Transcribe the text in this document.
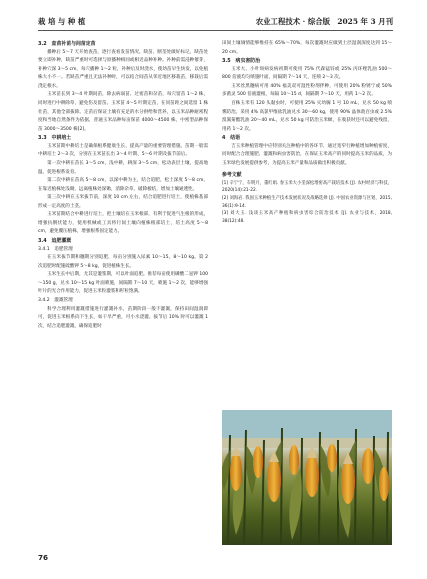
栽 培 与 种 植	农业工程技术 · 综合版　2025 年 3 月刊
3.2　查苗补苗与间苗定苗

播种后 5～7 天开始查苗，逐行查看发苗情况。缺苗、断垄处做好标记，缺苗处要立即补种，缺苗严重时可选择与原播种相同或相近品种补种。补种前需浸种催芽，补种穴深 3～5 cm，每穴播种 1～2 粒，补种后及时浇水，使幼苗早生快发，以免植株大小不一。若缺苗严重且无法补种时，可以结合间苗从邻近地区移栽苗，移栽后需浇定根水。

玉米苗长到 3～4 叶期间苗，除去病弱苗、过密苗和杂苗，每穴留苗 1～2 株，同时进行中耕除草，避免伤及留苗。玉米苗 4～5 叶期定苗，在同苗距之间选留 1 株壮苗，其他全部拔除。定苗后保证土壤有充足的水分供给和营养，以玉米品种耐密程度和当地自然条件为依据，普通玉米品种每亩保苗 4000～4500 株，中密型品种保苗 3000～3500 株[2]。

3.3　中耕培土

玉米苗期中耕培土是确保根系健康生长、提高产量的重要管理措施。苗期一般需中耕培土 2～3 次，分别在玉米苗长出 3～4 叶期、5～6 叶期及拔节前后。

第一次中耕在苗长 3～5 cm，浅中耕，耕深 3～5 cm，松动表层土壤，提高地温，促进根系发育。

第二次中耕在苗高 5～8 cm，以深中耕为主，结合追肥，松土深度 5～8 cm，在靠近植株处浅锄，远离植株处深锄，消除杂草，破除板结，增加土壤通透性。

第三次中耕在玉米拔节前，深度 10 cm 左右，结合追肥进行培土，使植株基部形成一定高度的土垄。

玉米苗期结合中耕进行培土，把土壤培在玉米根部，有利于促进气生根的形成，增强抗倒伏能力，使用机械或工具将行间土壤向植株根部培土，培土高度 5～8 cm，避免覆压植株，增强根系固定能力。

3.4　追肥灌溉
3.4.1　追肥管理

在玉米拔节期和穗期分别追肥，每亩分别施入尿素 10～15、8～10 kg。第 2 次追肥时配施硫酸钾 5～8 kg，促进植株生长。

玉米生长中后期，尤其是灌浆期，可以叶面追肥。推荐每亩使用磷酸二氢钾 100～150 g，兑水 10～15 kg 叶面喷施，间隔期 7～10 天，喷施 1～2 次，能够增强叶片的光合作用能力，促进玉米粒灌浆和籽粒饱满。

3.4.2　灌溉管理

科学合理利用灌溉措施进行灌溉补水，苗期阶段一般不灌溉，保持田间湿润即可，促进玉米根系向下生长，如干旱严重，可小水浇灌。拔节后 10% 时可以灌溉 1 次，结合追肥灌溉，确保追肥时

田间土壤墒情能够维持在 65%～70%，每次灌溉时应做到土层湿润深度达到 15～20 cm。

3.5　病虫害防治

玉米大、小叶斑病发病初期可使用 75% 代森锰锌或 25% 丙环唑乳油 500～800 倍液均匀喷施叶面，间隔期 7～14 天，连喷 2～3 次。

玉米丝黑穗病可用 40% 福美双可湿性粉剂拌种，可使用 20% 粉锈宁或 50% 多菌灵 500 倍液灌根，每隔 10～15 d，间隔期 7～10 天，用药 1～2 次。

百株玉米有 120 头黏虫时，可使用 25% 灭幼脲 1 号 10 mL，兑水 50 kg 喷雾防治。采用 4% 高氯甲维盐乳油兑水 30～60 kg，使用 90% 晶体敌百虫或 2.5% 溴氰菊酯乳油 20～40 mL，兑水 50 kg 可防治玉米螟，在收获时还可以避免残留，用药 1～2 次。

4　结语

吉玉米种植管理中应特别关注种植中的各环节，通过宽窄行种植增加种植密度，同时配合合理施肥、灌溉和病虫害防治，在保证玉米高产的同时提高玉米的品质，为玉米绿色发展提供参考，为提高玉米产量和品质做出积极贡献。

参考文献

[1] 辛宁宁，车明月，董红娟. 春玉米大小垄深松增密高产栽培技术 [J]. 农村经济与科技，2020(14):21-22.

[2] 刘海岩. 我国玉米种植生产技术发展状况及战略选择 [J]. 中国农业资源与区划，2015, 36(1):9-14.

[3] 刘大玉. 浅谈玉米高产种植和病虫害综合防治技术 [J]. 农业与技术，2018, 38(12):48.

76
